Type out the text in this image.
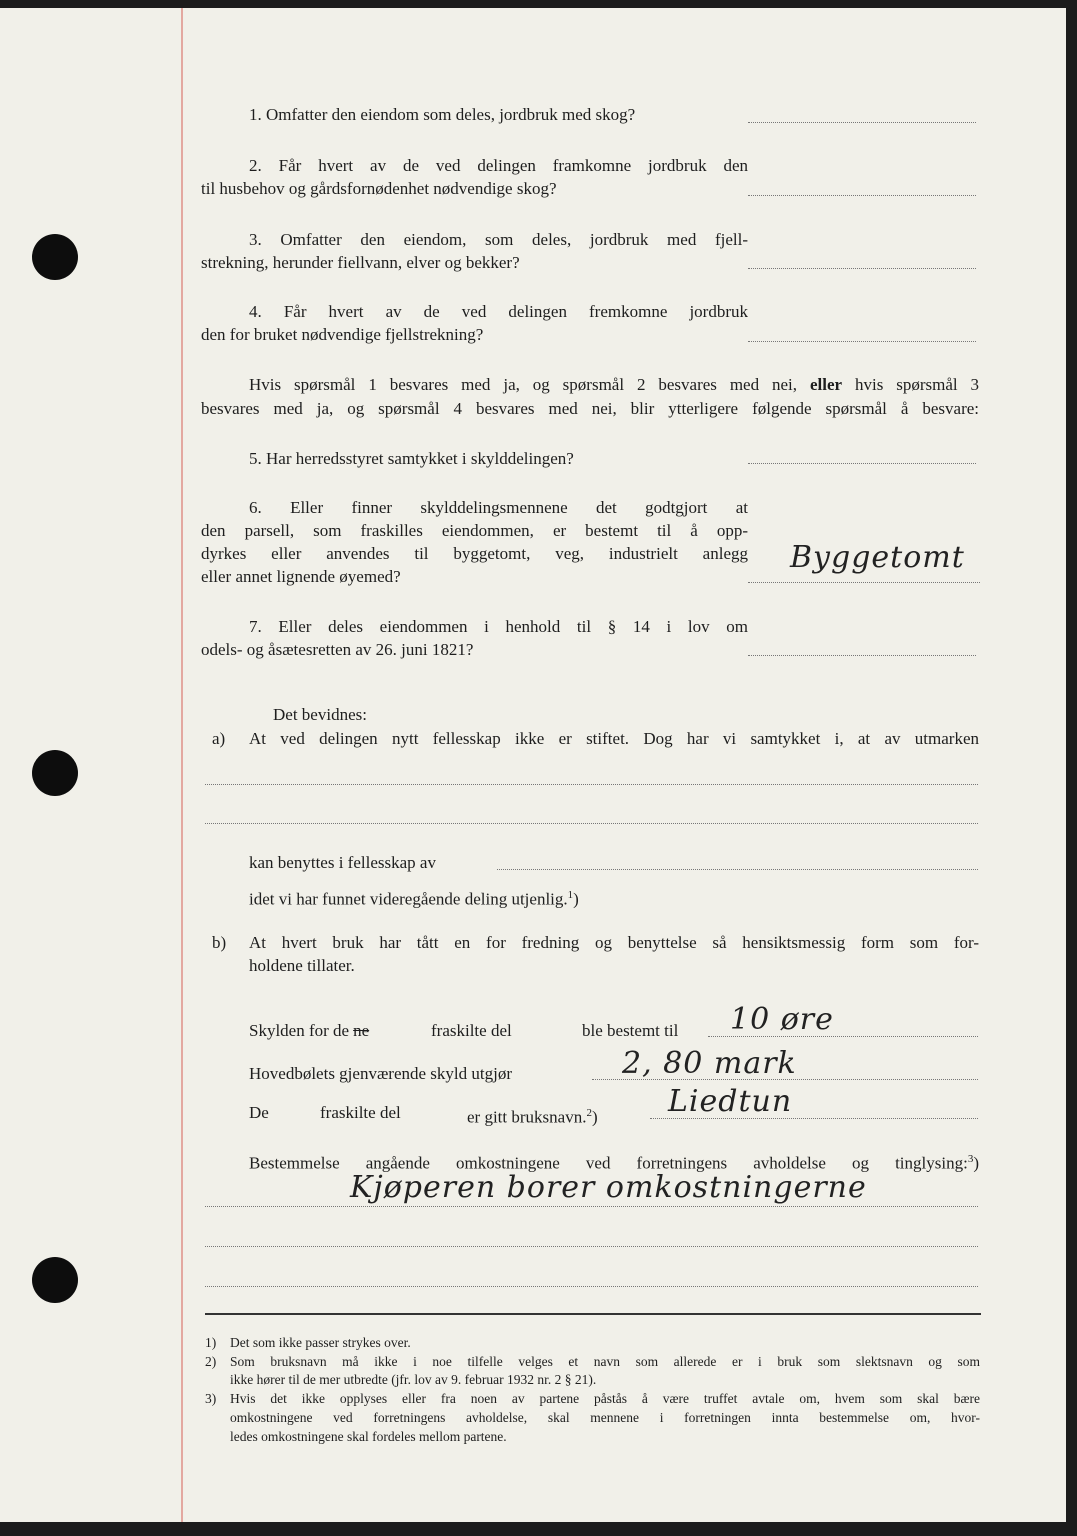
1. Omfatter den eiendom som deles, jordbruk med skog?
2. Får hvert av de ved delingen framkomne jordbruk den
til husbehov og gårdsfornødenhet nødvendige skog?
3. Omfatter den eiendom, som deles, jordbruk med fjell-
strekning, herunder fiellvann, elver og bekker?
4. Får hvert av de ved delingen fremkomne jordbruk
den for bruket nødvendige fjellstrekning?
Hvis spørsmål 1 besvares med ja, og spørsmål 2 besvares med nei, eller hvis spørsmål 3
besvares med ja, og spørsmål 4 besvares med nei, blir ytterligere følgende spørsmål å besvare:
5. Har herredsstyret samtykket i skylddelingen?
6. Eller finner skylddelingsmennene det godtgjort at
den parsell, som fraskilles eiendommen, er bestemt til å opp-
dyrkes eller anvendes til byggetomt, veg, industrielt anlegg
eller annet lignende øyemed?
Byggetomt
7. Eller deles eiendommen i henhold til § 14 i lov om
odels- og åsætesretten av 26. juni 1821?
Det bevidnes:
a) At ved delingen nytt fellesskap ikke er stiftet. Dog har vi samtykket i, at av utmarken
kan benyttes i fellesskap av
idet vi har funnet videregående deling utjenlig.$^1$)
b) At hvert bruk har tått en for fredning og benyttelse så hensiktsmessig form som for-
holdene tillater.
Skylden for de ne	fraskilte del	ble bestemt til 10 øre
Hovedbølets gjenværende skyld utgjør	2, 80 mark
De	fraskilte del	er gitt bruksnavn.$^2$) Liedtun
Bestemmelse angående omkostningene ved forretningens avholdelse og tinglysing:$^3$)
Kjøperen borer omkostningerne
1) Det som ikke passer strykes over.
2) Som bruksnavn må ikke i noe tilfelle velges et navn som allerede er i bruk som slektsnavn og som
ikke hører til de mer utbredte (jfr. lov av 9. februar 1932 nr. 2 § 21).
3) Hvis det ikke opplyses eller fra noen av partene påstås å være truffet avtale om, hvem som skal bære
omkostningene ved forretningens avholdelse, skal mennene i forretningen innta bestemmelse om, hvor-
ledes omkostningene skal fordeles mellom partene.
